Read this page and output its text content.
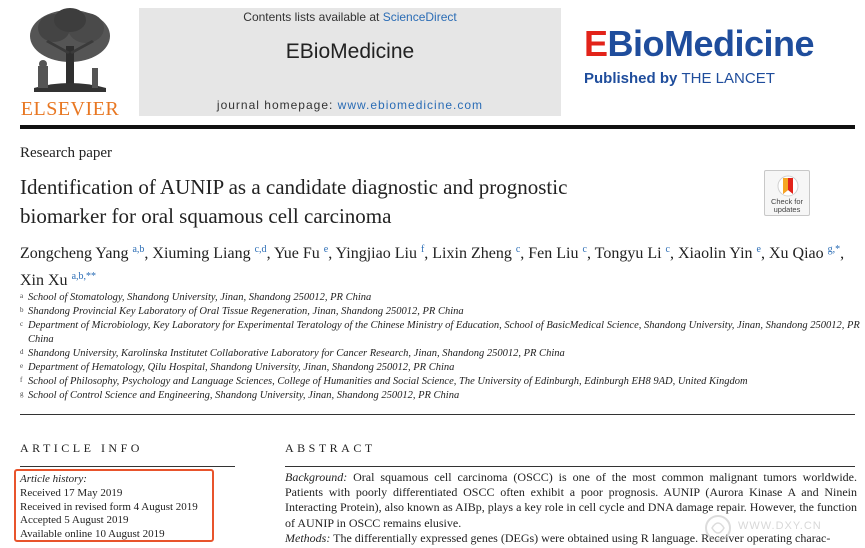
ELSEVIER
Contents lists available at ScienceDirect
EBioMedicine
journal homepage: www.ebiomedicine.com
EBioMedicine
Published by THE LANCET
Research paper
Identification of AUNIP as a candidate diagnostic and prognostic
biomarker for oral squamous cell carcinoma
Check for
updates
Zongcheng Yang $^{a,b}$, Xiuming Liang $^{c,d}$, Yue Fu $^e$, Yingjiao Liu $^f$, Lixin Zheng $^c$, Fen Liu $^c$, Tongyu Li $^c$, Xiaolin Yin $^e$, Xu Qiao $^{g,*}$, Xin Xu $^{a,b,**}$
a School of Stomatology, Shandong University, Jinan, Shandong 250012, PR China
b Shandong Provincial Key Laboratory of Oral Tissue Regeneration, Jinan, Shandong 250012, PR China
c Department of Microbiology, Key Laboratory for Experimental Teratology of the Chinese Ministry of Education, School of BasicMedical Science, Shandong University, Jinan, Shandong 250012, PR China
d Shandong University, Karolinska Institutet Collaborative Laboratory for Cancer Research, Jinan, Shandong 250012, PR China
e Department of Hematology, Qilu Hospital, Shandong University, Jinan, Shandong 250012, PR China
f School of Philosophy, Psychology and Language Sciences, College of Humanities and Social Science, The University of Edinburgh, Edinburgh EH8 9AD, United Kingdom
g School of Control Science and Engineering, Shandong University, Jinan, Shandong 250012, PR China
ARTICLE INFO
Article history:
Received 17 May 2019
Received in revised form 4 August 2019
Accepted 5 August 2019
Available online 10 August 2019
ABSTRACT
Background: Oral squamous cell carcinoma (OSCC) is one of the most common malignant tumors worldwide. Patients with poorly differentiated OSCC often exhibit a poor prognosis. AUNIP (Aurora Kinase A and Ninein Interacting Protein), also known as AIBp, plays a key role in cell cycle and DNA damage repair. However, the function of AUNIP in OSCC remains elusive.
Methods: The differentially expressed genes (DEGs) were obtained using R language. Receiver operating charac-
WWW.DXY.CN
